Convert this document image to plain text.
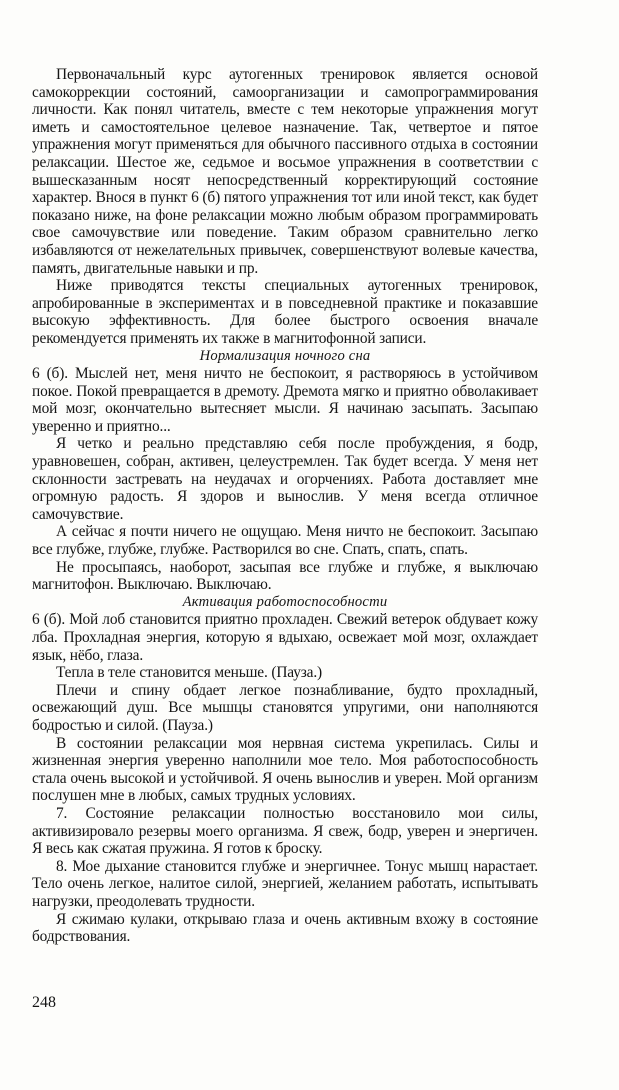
Первоначальный курс аутогенных тренировок является основой самокоррекции состояний, самоорганизации и самопрограммирования личности. Как понял читатель, вместе с тем некоторые упражнения могут иметь и самостоятельное целевое назначение. Так, четвертое и пятое упражнения могут применяться для обычного пассивного отдыха в состоянии релаксации. Шестое же, седьмое и восьмое упражнения в соответствии с вышесказанным носят непосредственный корректирующий состояние характер. Внося в пункт 6 (б) пятого упражнения тот или иной текст, как будет показано ниже, на фоне релаксации можно любым образом программировать свое самочувствие или поведение. Таким образом сравнительно легко избавляются от нежелательных привычек, совершенствуют волевые качества, память, двигательные навыки и пр.

Ниже приводятся тексты специальных аутогенных тренировок, апробированные в экспериментах и в повседневной практике и показавшие высокую эффективность. Для более быстрого освоения вначале рекомендуется применять их также в магнитофонной записи.

Нормализация ночного сна

6 (б). Мыслей нет, меня ничто не беспокоит, я растворяюсь в устойчивом покое. Покой превращается в дремоту. Дремота мягко и приятно обволакивает мой мозг, окончательно вытесняет мысли. Я начинаю засыпать. Засыпаю уверенно и приятно...

Я четко и реально представляю себя после пробуждения, я бодр, уравновешен, собран, активен, целеустремлен. Так будет всегда. У меня нет склонности застревать на неудачах и огорчениях. Работа доставляет мне огромную радость. Я здоров и вынослив. У меня всегда отличное самочувствие.

А сейчас я почти ничего не ощущаю. Меня ничто не беспокоит. Засыпаю все глубже, глубже, глубже. Растворился во сне. Спать, спать, спать.

Не просыпаясь, наоборот, засыпая все глубже и глубже, я выключаю магнитофон. Выключаю. Выключаю.

Активация работоспособности

6 (б). Мой лоб становится приятно прохладен. Свежий ветерок обдувает кожу лба. Прохладная энергия, которую я вдыхаю, освежает мой мозг, охлаждает язык, нёбо, глаза.

Тепла в теле становится меньше. (Пауза.)

Плечи и спину обдает легкое познабливание, будто прохладный, освежающий душ. Все мышцы становятся упругими, они наполняются бодростью и силой. (Пауза.)

В состоянии релаксации моя нервная система укрепилась. Силы и жизненная энергия уверенно наполнили мое тело. Моя работоспособность стала очень высокой и устойчивой. Я очень вынослив и уверен. Мой организм послушен мне в любых, самых трудных условиях.

7. Состояние релаксации полностью восстановило мои силы, активизировало резервы моего организма. Я свеж, бодр, уверен и энергичен. Я весь как сжатая пружина. Я готов к броску.

8. Мое дыхание становится глубже и энергичнее. Тонус мышц нарастает. Тело очень легкое, налитое силой, энергией, желанием работать, испытывать нагрузки, преодолевать трудности.

Я сжимаю кулаки, открываю глаза и очень активным вхожу в состояние бодрствования.

248
